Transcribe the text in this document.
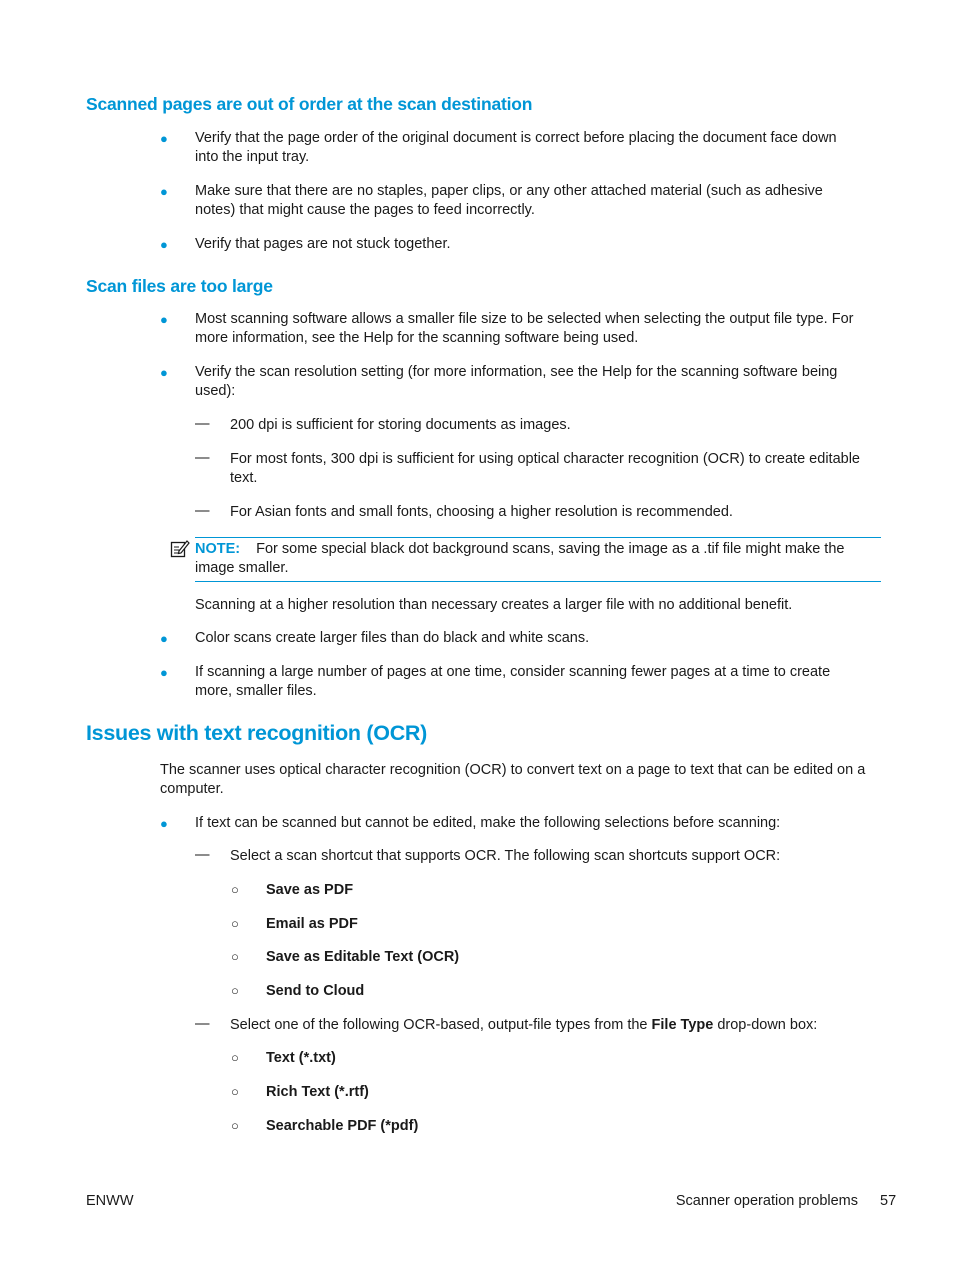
Scanned pages are out of order at the scan destination
● Verify that the page order of the original document is correct before placing the document face down
into the input tray.
● Make sure that there are no staples, paper clips, or any other attached material (such as adhesive
notes) that might cause the pages to feed incorrectly.
● Verify that pages are not stuck together.
Scan files are too large
● Most scanning software allows a smaller file size to be selected when selecting the output file type. For
more information, see the Help for the scanning software being used.
● Verify the scan resolution setting (for more information, see the Help for the scanning software being
used):
— 200 dpi is sufficient for storing documents as images.
— For most fonts, 300 dpi is sufficient for using optical character recognition (OCR) to create editable
text.
— For Asian fonts and small fonts, choosing a higher resolution is recommended.
NOTE: For some special black dot background scans, saving the image as a .tif file might make the
image smaller.
Scanning at a higher resolution than necessary creates a larger file with no additional benefit.
● Color scans create larger files than do black and white scans.
● If scanning a large number of pages at one time, consider scanning fewer pages at a time to create
more, smaller files.
Issues with text recognition (OCR)
The scanner uses optical character recognition (OCR) to convert text on a page to text that can be edited on a
computer.
● If text can be scanned but cannot be edited, make the following selections before scanning:
— Select a scan shortcut that supports OCR. The following scan shortcuts support OCR:
○ Save as PDF
○ Email as PDF
○ Save as Editable Text (OCR)
○ Send to Cloud
— Select one of the following OCR-based, output-file types from the File Type drop-down box:
○ Text (*.txt)
○ Rich Text (*.rtf)
○ Searchable PDF (*pdf)
ENWW	Scanner operation problems 57
